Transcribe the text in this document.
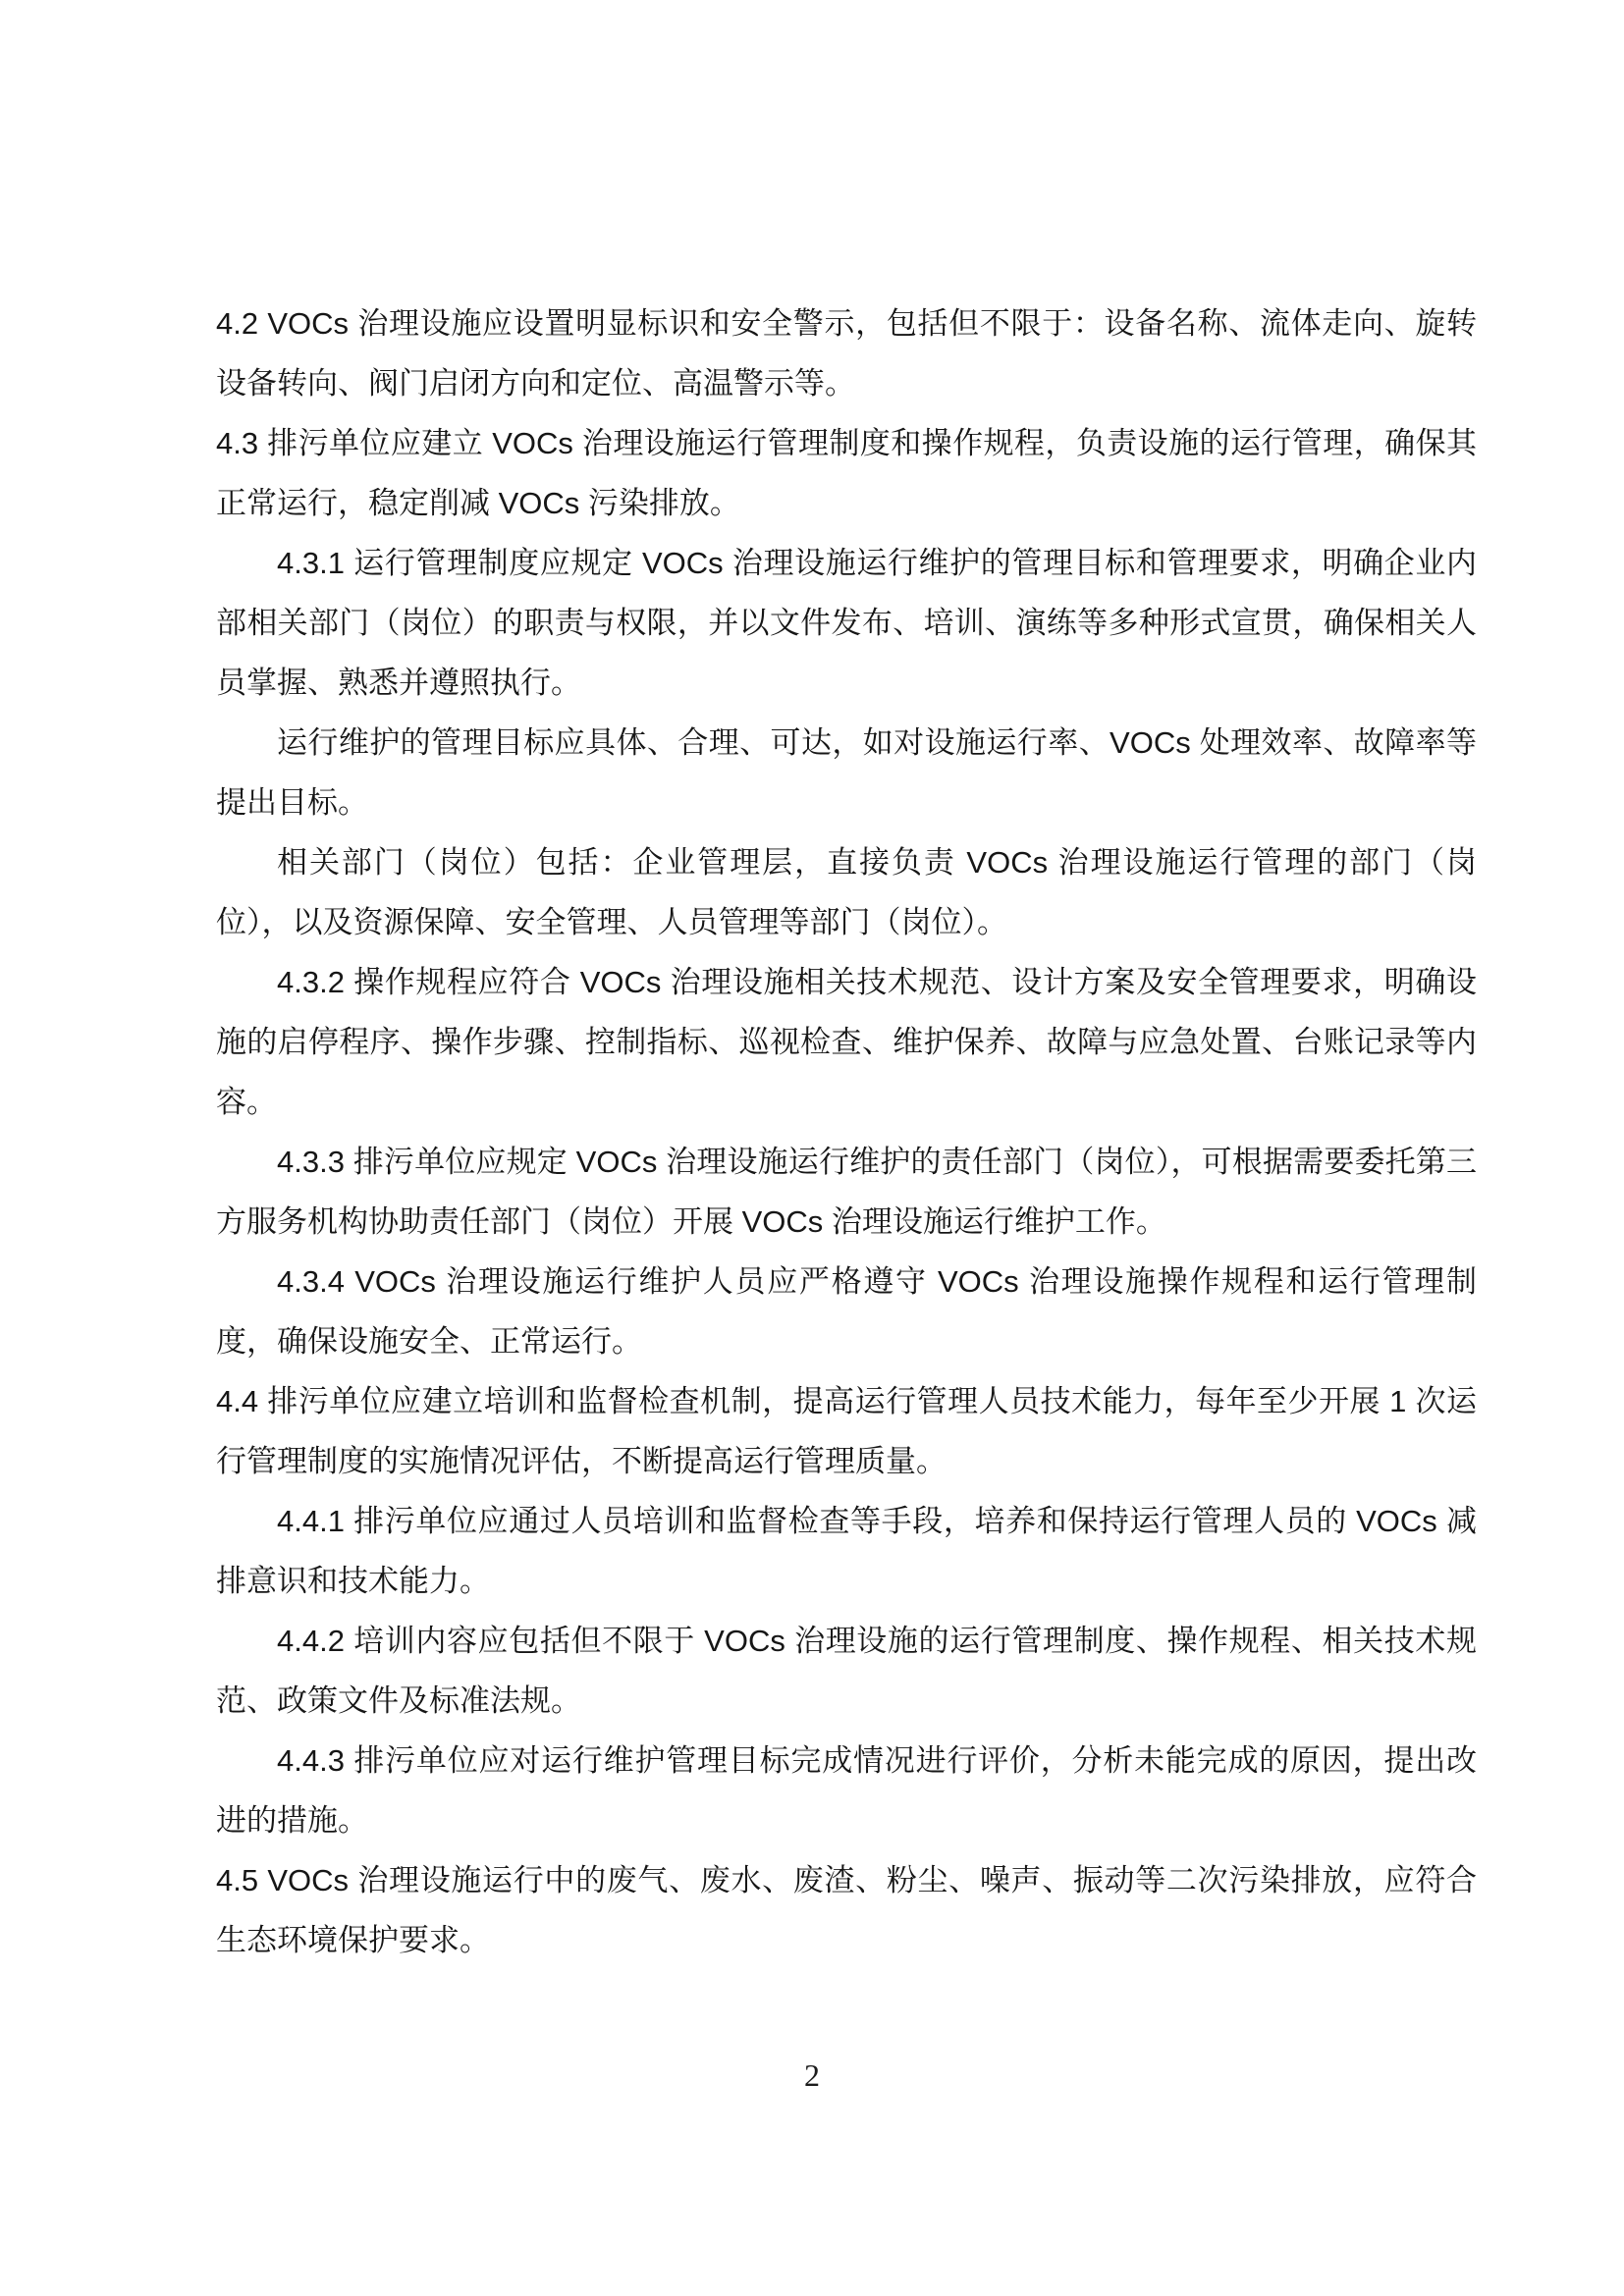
4.2 VOCs 治理设施应设置明显标识和安全警示，包括但不限于：设备名称、流体走向、旋转设备转向、阀门启闭方向和定位、高温警示等。

4.3 排污单位应建立 VOCs 治理设施运行管理制度和操作规程，负责设施的运行管理，确保其正常运行，稳定削减 VOCs 污染排放。

4.3.1 运行管理制度应规定 VOCs 治理设施运行维护的管理目标和管理要求，明确企业内部相关部门（岗位）的职责与权限，并以文件发布、培训、演练等多种形式宣贯，确保相关人员掌握、熟悉并遵照执行。

运行维护的管理目标应具体、合理、可达，如对设施运行率、VOCs 处理效率、故障率等提出目标。

相关部门（岗位）包括：企业管理层，直接负责 VOCs 治理设施运行管理的部门（岗位），以及资源保障、安全管理、人员管理等部门（岗位）。

4.3.2 操作规程应符合 VOCs 治理设施相关技术规范、设计方案及安全管理要求，明确设施的启停程序、操作步骤、控制指标、巡视检查、维护保养、故障与应急处置、台账记录等内容。

4.3.3 排污单位应规定 VOCs 治理设施运行维护的责任部门（岗位），可根据需要委托第三方服务机构协助责任部门（岗位）开展 VOCs 治理设施运行维护工作。

4.3.4 VOCs 治理设施运行维护人员应严格遵守 VOCs 治理设施操作规程和运行管理制度，确保设施安全、正常运行。

4.4 排污单位应建立培训和监督检查机制，提高运行管理人员技术能力，每年至少开展 1 次运行管理制度的实施情况评估，不断提高运行管理质量。

4.4.1 排污单位应通过人员培训和监督检查等手段，培养和保持运行管理人员的 VOCs 减排意识和技术能力。

4.4.2 培训内容应包括但不限于 VOCs 治理设施的运行管理制度、操作规程、相关技术规范、政策文件及标准法规。

4.4.3 排污单位应对运行维护管理目标完成情况进行评价，分析未能完成的原因，提出改进的措施。

4.5 VOCs 治理设施运行中的废气、废水、废渣、粉尘、噪声、振动等二次污染排放，应符合生态环境保护要求。

2
